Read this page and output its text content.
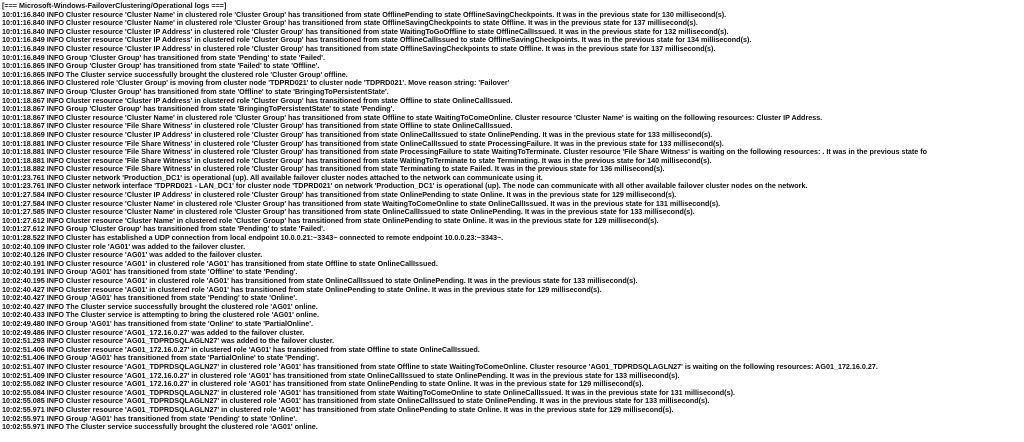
[=== Microsoft-Windows-FailoverClustering/Operational logs ===]
10:01:16.840 INFO Cluster resource 'Cluster Name' in clustered role 'Cluster Group' has transitioned from state OfflinePending to state OfflineSavingCheckpoints. It was in the previous state for 130 millisecond(s).
10:01:16.840 INFO Cluster resource 'Cluster Name' in clustered role 'Cluster Group' has transitioned from state OfflineSavingCheckpoints to state Offline. It was in the previous state for 137 millisecond(s).
10:01:16.840 INFO Cluster resource 'Cluster IP Address' in clustered role 'Cluster Group' has transitioned from state WaitingToGoOffline to state OfflineCallIssued. It was in the previous state for 132 millisecond(s).
10:01:16.849 INFO Cluster resource 'Cluster IP Address' in clustered role 'Cluster Group' has transitioned from state OfflineCallIssued to state OfflineSavingCheckpoints. It was in the previous state for 134 millisecond(s).
10:01:16.849 INFO Cluster resource 'Cluster IP Address' in clustered role 'Cluster Group' has transitioned from state OfflineSavingCheckpoints to state Offline. It was in the previous state for 137 millisecond(s).
10:01:16.849 INFO Group 'Cluster Group' has transitioned from state 'Pending' to state 'Failed'.
10:01:16.865 INFO Group 'Cluster Group' has transitioned from state 'Failed' to state 'Offline'.
10:01:16.865 INFO The Cluster service successfully brought the clustered role 'Cluster Group' offline.
10:01:18.866 INFO Clustered role 'Cluster Group' is moving from cluster node 'TDPRD021' to cluster node 'TDPRD021'. Move reason string: 'Failover'
10:01:18.867 INFO Group 'Cluster Group' has transitioned from state 'Offline' to state 'BringingToPersistentState'.
10:01:18.867 INFO Cluster resource 'Cluster IP Address' in clustered role 'Cluster Group' has transitioned from state Offline to state OnlineCallIssued.
10:01:18.867 INFO Group 'Cluster Group' has transitioned from state 'BringingToPersistentState' to state 'Pending'.
10:01:18.867 INFO Cluster resource 'Cluster Name' in clustered role 'Cluster Group' has transitioned from state Offline to state WaitingToComeOnline. Cluster resource 'Cluster Name' is waiting on the following resources: Cluster IP Address.
10:01:18.867 INFO Cluster resource 'File Share Witness' in clustered role 'Cluster Group' has transitioned from state Offline to state OnlineCallIssued.
10:01:18.869 INFO Cluster resource 'Cluster IP Address' in clustered role 'Cluster Group' has transitioned from state OnlineCallIssued to state OnlinePending. It was in the previous state for 133 millisecond(s).
10:01:18.881 INFO Cluster resource 'File Share Witness' in clustered role 'Cluster Group' has transitioned from state OnlineCallIssued to state ProcessingFailure. It was in the previous state for 133 millisecond(s).
10:01:18.881 INFO Cluster resource 'File Share Witness' in clustered role 'Cluster Group' has transitioned from state ProcessingFailure to state WaitingToTerminate. Cluster resource 'File Share Witness' is waiting on the following resources: . It was in the previous state fo
10:01:18.881 INFO Cluster resource 'File Share Witness' in clustered role 'Cluster Group' has transitioned from state WaitingToTerminate to state Terminating. It was in the previous state for 140 millisecond(s).
10:01:18.882 INFO Cluster resource 'File Share Witness' in clustered role 'Cluster Group' has transitioned from state Terminating to state Failed. It was in the previous state for 136 millisecond(s).
10:01:23.761 INFO Cluster network 'Production_DC1' is operational (up). All available failover cluster nodes attached to the network can communicate using it.
10:01:23.761 INFO Cluster network interface 'TDPRD021 - LAN_DC1' for cluster node 'TDPRD021' on network 'Production_DC1' is operational (up). The node can communicate with all other available failover cluster nodes on the network.
10:01:27.584 INFO Cluster resource 'Cluster IP Address' in clustered role 'Cluster Group' has transitioned from state OnlinePending to state Online. It was in the previous state for 129 millisecond(s).
10:01:27.584 INFO Cluster resource 'Cluster Name' in clustered role 'Cluster Group' has transitioned from state WaitingToComeOnline to state OnlineCallIssued. It was in the previous state for 131 millisecond(s).
10:01:27.585 INFO Cluster resource 'Cluster Name' in clustered role 'Cluster Group' has transitioned from state OnlineCallIssued to state OnlinePending. It was in the previous state for 133 millisecond(s).
10:01:27.612 INFO Cluster resource 'Cluster Name' in clustered role 'Cluster Group' has transitioned from state OnlinePending to state Online. It was in the previous state for 129 millisecond(s).
10:01:27.612 INFO Group 'Cluster Group' has transitioned from state 'Pending' to state 'Failed'.
10:01:28.522 INFO Cluster has established a UDP connection from local endpoint 10.0.0.21:~3343~ connected to remote endpoint 10.0.0.23:~3343~.
10:02:40.109 INFO Cluster role 'AG01' was added to the failover cluster.
10:02:40.126 INFO Cluster resource 'AG01' was added to the failover cluster.
10:02:40.191 INFO Cluster resource 'AG01' in clustered role 'AG01' has transitioned from state Offline to state OnlineCallIssued.
10:02:40.191 INFO Group 'AG01' has transitioned from state 'Offline' to state 'Pending'.
10:02:40.195 INFO Cluster resource 'AG01' in clustered role 'AG01' has transitioned from state OnlineCallIssued to state OnlinePending. It was in the previous state for 133 millisecond(s).
10:02:40.427 INFO Cluster resource 'AG01' in clustered role 'AG01' has transitioned from state OnlinePending to state Online. It was in the previous state for 129 millisecond(s).
10:02:40.427 INFO Group 'AG01' has transitioned from state 'Pending' to state 'Online'.
10:02:40.427 INFO The Cluster service successfully brought the clustered role 'AG01' online.
10:02:40.433 INFO The Cluster service is attempting to bring the clustered role 'AG01' online.
10:02:49.480 INFO Group 'AG01' has transitioned from state 'Online' to state 'PartialOnline'.
10:02:49.486 INFO Cluster resource 'AG01_172.16.0.27' was added to the failover cluster.
10:02:51.293 INFO Cluster resource 'AG01_TDPRDSQLAGLN27' was added to the failover cluster.
10:02:51.406 INFO Cluster resource 'AG01_172.16.0.27' in clustered role 'AG01' has transitioned from state Offline to state OnlineCallIssued.
10:02:51.406 INFO Group 'AG01' has transitioned from state 'PartialOnline' to state 'Pending'.
10:02:51.407 INFO Cluster resource 'AG01_TDPRDSQLAGLN27' in clustered role 'AG01' has transitioned from state Offline to state WaitingToComeOnline. Cluster resource 'AG01_TDPRDSQLAGLN27' is waiting on the following resources: AG01_172.16.0.27.
10:02:51.409 INFO Cluster resource 'AG01_172.16.0.27' in clustered role 'AG01' has transitioned from state OnlineCallIssued to state OnlinePending. It was in the previous state for 133 millisecond(s).
10:02:55.082 INFO Cluster resource 'AG01_172.16.0.27' in clustered role 'AG01' has transitioned from state OnlinePending to state Online. It was in the previous state for 129 millisecond(s).
10:02:55.084 INFO Cluster resource 'AG01_TDPRDSQLAGLN27' in clustered role 'AG01' has transitioned from state WaitingToComeOnline to state OnlineCallIssued. It was in the previous state for 131 millisecond(s).
10:02:55.085 INFO Cluster resource 'AG01_TDPRDSQLAGLN27' in clustered role 'AG01' has transitioned from state OnlineCallIssued to state OnlinePending. It was in the previous state for 133 millisecond(s).
10:02:55.971 INFO Cluster resource 'AG01_TDPRDSQLAGLN27' in clustered role 'AG01' has transitioned from state OnlinePending to state Online. It was in the previous state for 129 millisecond(s).
10:02:55.971 INFO Group 'AG01' has transitioned from state 'Pending' to state 'Online'.
10:02:55.971 INFO The Cluster service successfully brought the clustered role 'AG01' online.
